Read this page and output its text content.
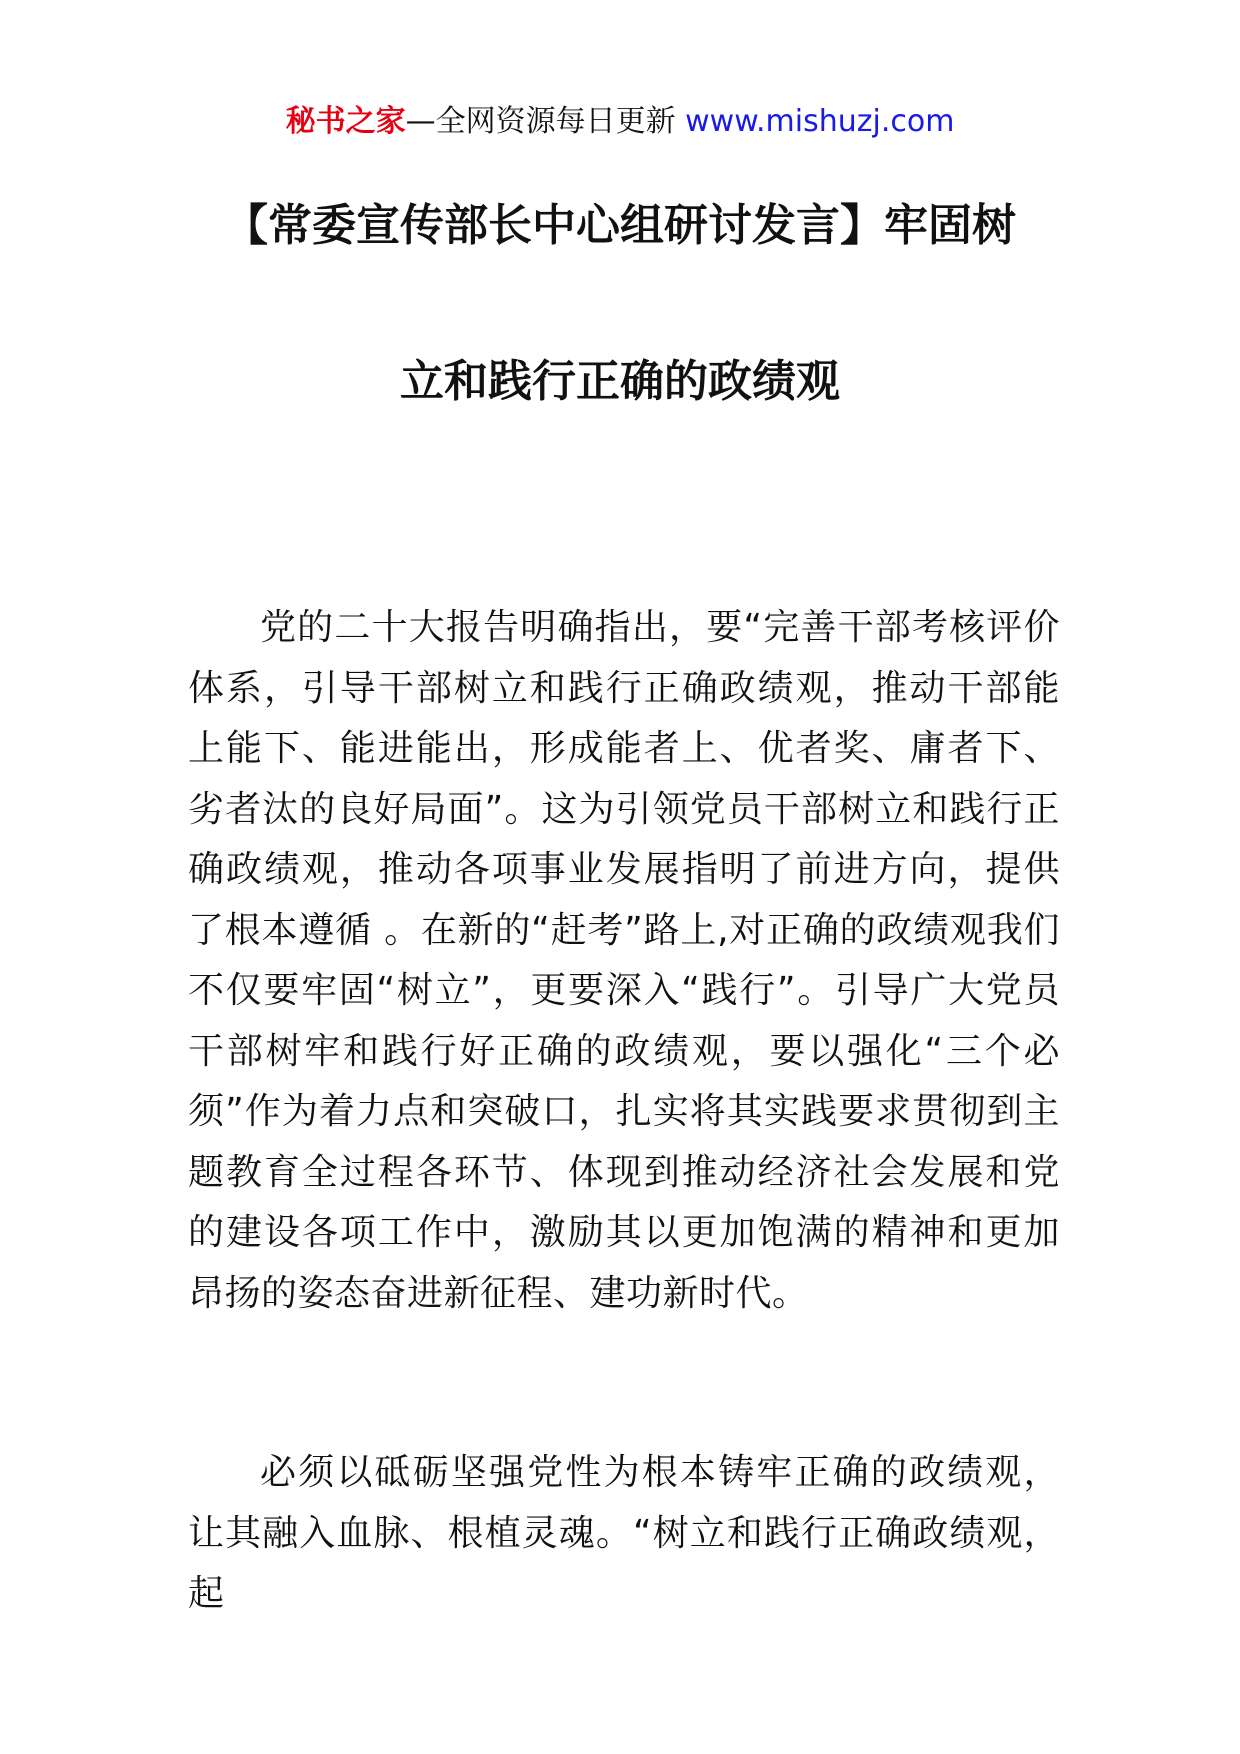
秘书之家—全网资源每日更新 www.mishuzj.com
【常委宣传部长中心组研讨发言】牢固树
立和践行正确的政绩观

党的二十大报告明确指出，要“完善干部考核评价体系，引导干部树立和践行正确政绩观，推动干部能上能下、能进能出，形成能者上、优者奖、庸者下、劣者汰的良好局面”。这为引领党员干部树立和践行正确政绩观，推动各项事业发展指明了前进方向，提供了根本遵循 。在新的“赶考”路上,对正确的政绩观我们不仅要牢固“树立”，更要深入“践行”。引导广大党员干部树牢和践行好正确的政绩观，要以强化“三个必须”作为着力点和突破口，扎实将其实践要求贯彻到主题教育全过程各环节、体现到推动经济社会发展和党的建设各项工作中，激励其以更加饱满的精神和更加昂扬的姿态奋进新征程、建功新时代。

必须以砥砺坚强党性为根本铸牢正确的政绩观，让其融入血脉、根植灵魂。“树立和践行正确政绩观，起
